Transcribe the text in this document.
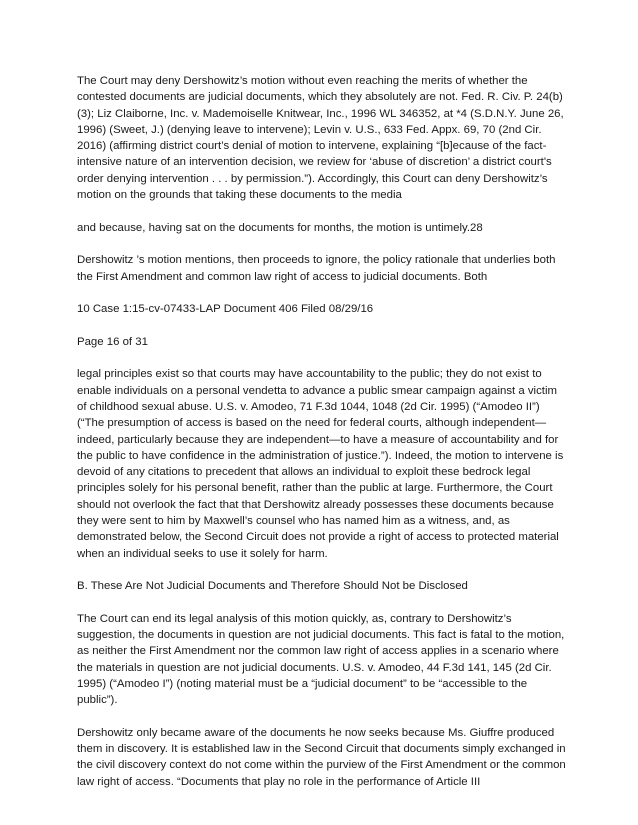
The Court may deny Dershowitz’s motion without even reaching the merits of whether the contested documents are judicial documents, which they absolutely are not. Fed. R. Civ. P. 24(b)(3); Liz Claiborne, Inc. v. Mademoiselle Knitwear, Inc., 1996 WL 346352, at *4 (S.D.N.Y. June 26, 1996) (Sweet, J.) (denying leave to intervene); Levin v. U.S., 633 Fed. Appx. 69, 70 (2nd Cir. 2016) (affirming district court’s denial of motion to intervene, explaining “[b]ecause of the fact-intensive nature of an intervention decision, we review for ‘abuse of discretion’ a district court's order denying intervention . . . by permission.”). Accordingly, this Court can deny Dershowitz’s motion on the grounds that taking these documents to the media

and because, having sat on the documents for months, the motion is untimely.28

Dershowitz ’s motion mentions, then proceeds to ignore, the policy rationale that underlies both the First Amendment and common law right of access to judicial documents. Both

10 Case 1:15-cv-07433-LAP Document 406 Filed 08/29/16

Page 16 of 31

legal principles exist so that courts may have accountability to the public; they do not exist to enable individuals on a personal vendetta to advance a public smear campaign against a victim of childhood sexual abuse. U.S. v. Amodeo, 71 F.3d 1044, 1048 (2d Cir. 1995) (“Amodeo II”) (“The presumption of access is based on the need for federal courts, although independent— indeed, particularly because they are independent—to have a measure of accountability and for the public to have confidence in the administration of justice.”). Indeed, the motion to intervene is devoid of any citations to precedent that allows an individual to exploit these bedrock legal principles solely for his personal benefit, rather than the public at large. Furthermore, the Court should not overlook the fact that that Dershowitz already possesses these documents because they were sent to him by Maxwell’s counsel who has named him as a witness, and, as demonstrated below, the Second Circuit does not provide a right of access to protected material when an individual seeks to use it solely for harm.

B. These Are Not Judicial Documents and Therefore Should Not be Disclosed

The Court can end its legal analysis of this motion quickly, as, contrary to Dershowitz’s suggestion, the documents in question are not judicial documents. This fact is fatal to the motion, as neither the First Amendment nor the common law right of access applies in a scenario where the materials in question are not judicial documents. U.S. v. Amodeo, 44 F.3d 141, 145 (2d Cir. 1995) (“Amodeo I”) (noting material must be a “judicial document” to be “accessible to the public”).

Dershowitz only became aware of the documents he now seeks because Ms. Giuffre produced them in discovery. It is established law in the Second Circuit that documents simply exchanged in the civil discovery context do not come within the purview of the First Amendment or the common law right of access. “Documents that play no role in the performance of Article III
